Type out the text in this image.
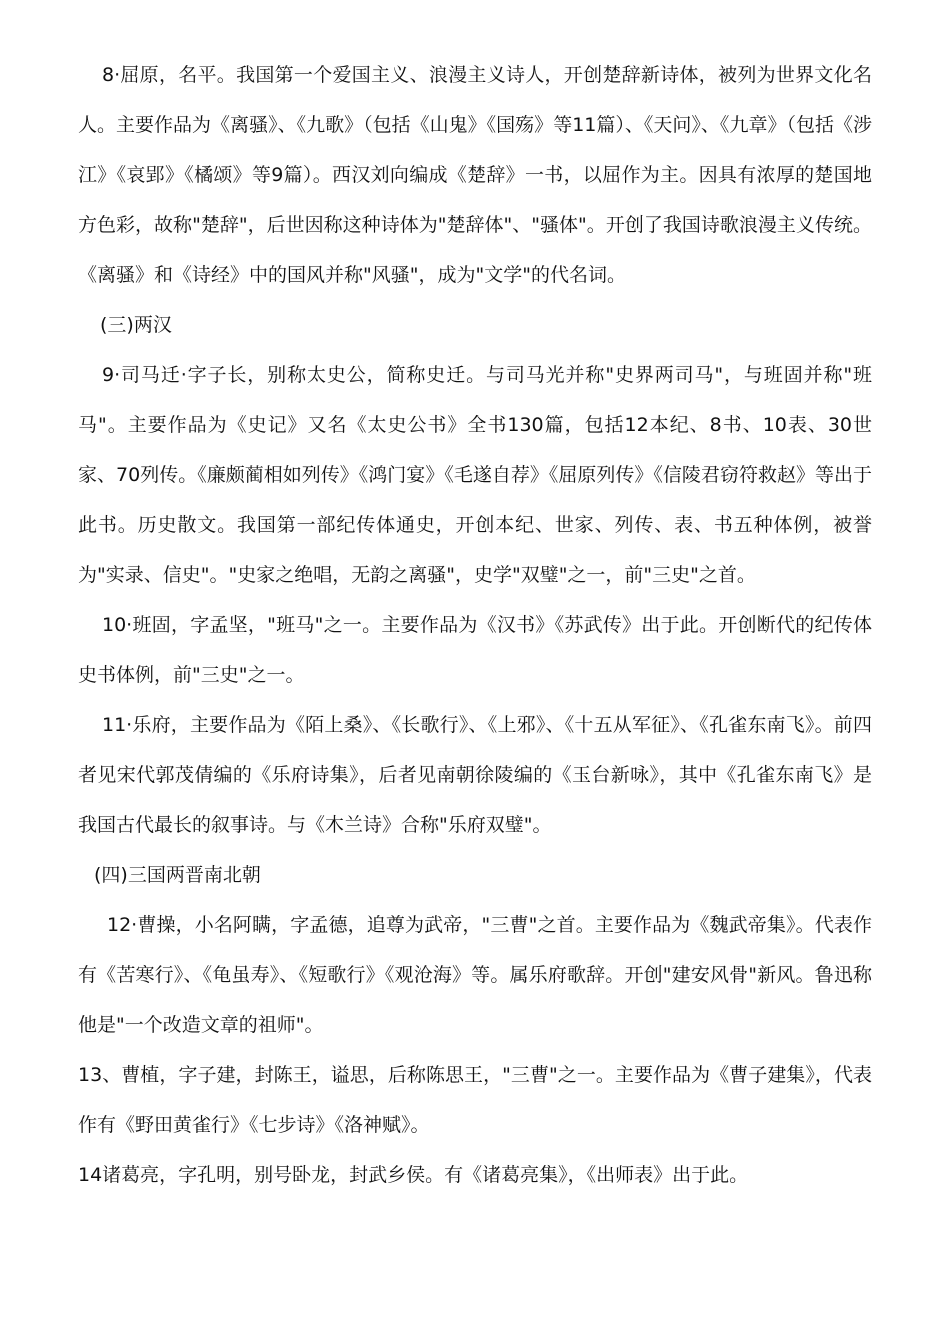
8·屈原，名平。我国第一个爱国主义、浪漫主义诗人，开创楚辞新诗体，被列为世界文化名人。主要作品为《离骚》、《九歌》（包括《山鬼》《国殇》等11篇）、《天问》、《九章》（包括《涉江》《哀郢》《橘颂》等9篇）。西汉刘向编成《楚辞》一书，以屈作为主。因具有浓厚的楚国地方色彩，故称"楚辞"，后世因称这种诗体为"楚辞体"、"骚体"。开创了我国诗歌浪漫主义传统。《离骚》和《诗经》中的国风并称"风骚"，成为"文学"的代名词。

(三)两汉

9·司马迁·字子长，别称太史公，简称史迁。与司马光并称"史界两司马"，与班固并称"班马"。主要作品为《史记》又名《太史公书》全书130篇，包括12本纪、8书、10表、30世家、70列传。《廉颇蔺相如列传》《鸿门宴》《毛遂自荐》《屈原列传》《信陵君窃符救赵》等出于此书。历史散文。我国第一部纪传体通史，开创本纪、世家、列传、表、书五种体例，被誉为"实录、信史"。"史家之绝唱，无韵之离骚"，史学"双璧"之一，前"三史"之首。

10·班固，字孟坚，"班马"之一。主要作品为《汉书》《苏武传》出于此。开创断代的纪传体史书体例，前"三史"之一。

11·乐府，主要作品为《陌上桑》、《长歌行》、《上邪》、《十五从军征》、《孔雀东南飞》。前四者见宋代郭茂倩编的《乐府诗集》，后者见南朝徐陵编的《玉台新咏》，其中《孔雀东南飞》是我国古代最长的叙事诗。与《木兰诗》合称"乐府双璧"。

(四)三国两晋南北朝

12·曹操，小名阿瞒，字孟德，追尊为武帝，"三曹"之首。主要作品为《魏武帝集》。代表作有《苦寒行》、《龟虽寿》、《短歌行》《观沧海》等。属乐府歌辞。开创"建安风骨"新风。鲁迅称他是"一个改造文章的祖师"。

13、曹植，字子建，封陈王，谥思，后称陈思王，"三曹"之一。主要作品为《曹子建集》，代表作有《野田黄雀行》《七步诗》《洛神赋》。

14诸葛亮，字孔明，别号卧龙，封武乡侯。有《诸葛亮集》，《出师表》出于此。
